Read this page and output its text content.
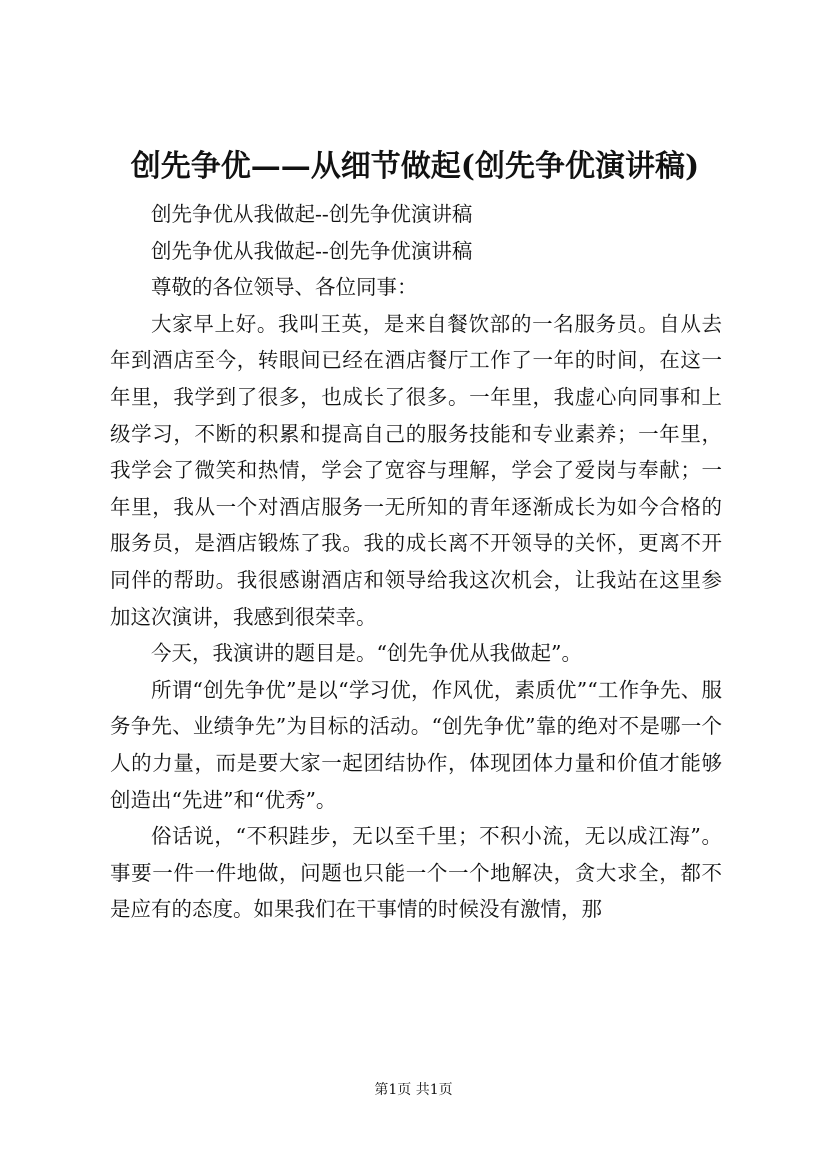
创先争优——从细节做起(创先争优演讲稿)

创先争优从我做起--创先争优演讲稿

创先争优从我做起--创先争优演讲稿

尊敬的各位领导、各位同事：

大家早上好。我叫王英，是来自餐饮部的一名服务员。自从去年到酒店至今，转眼间已经在酒店餐厅工作了一年的时间，在这一年里，我学到了很多，也成长了很多。一年里，我虚心向同事和上级学习，不断的积累和提高自己的服务技能和专业素养；一年里，我学会了微笑和热情，学会了宽容与理解，学会了爱岗与奉献；一年里，我从一个对酒店服务一无所知的青年逐渐成长为如今合格的服务员，是酒店锻炼了我。我的成长离不开领导的关怀，更离不开同伴的帮助。我很感谢酒店和领导给我这次机会，让我站在这里参加这次演讲，我感到很荣幸。

今天，我演讲的题目是。“创先争优从我做起”。

所谓“创先争优”是以“学习优，作风优，素质优”“工作争先、服务争先、业绩争先”为目标的活动。“创先争优”靠的绝对不是哪一个人的力量，而是要大家一起团结协作，体现团体力量和价值才能够创造出“先进”和“优秀”。

俗话说，“不积跬步，无以至千里；不积小流，无以成江海”。事要一件一件地做，问题也只能一个一个地解决，贪大求全，都不是应有的态度。如果我们在干事情的时候没有激情，那

第1页 共1页
